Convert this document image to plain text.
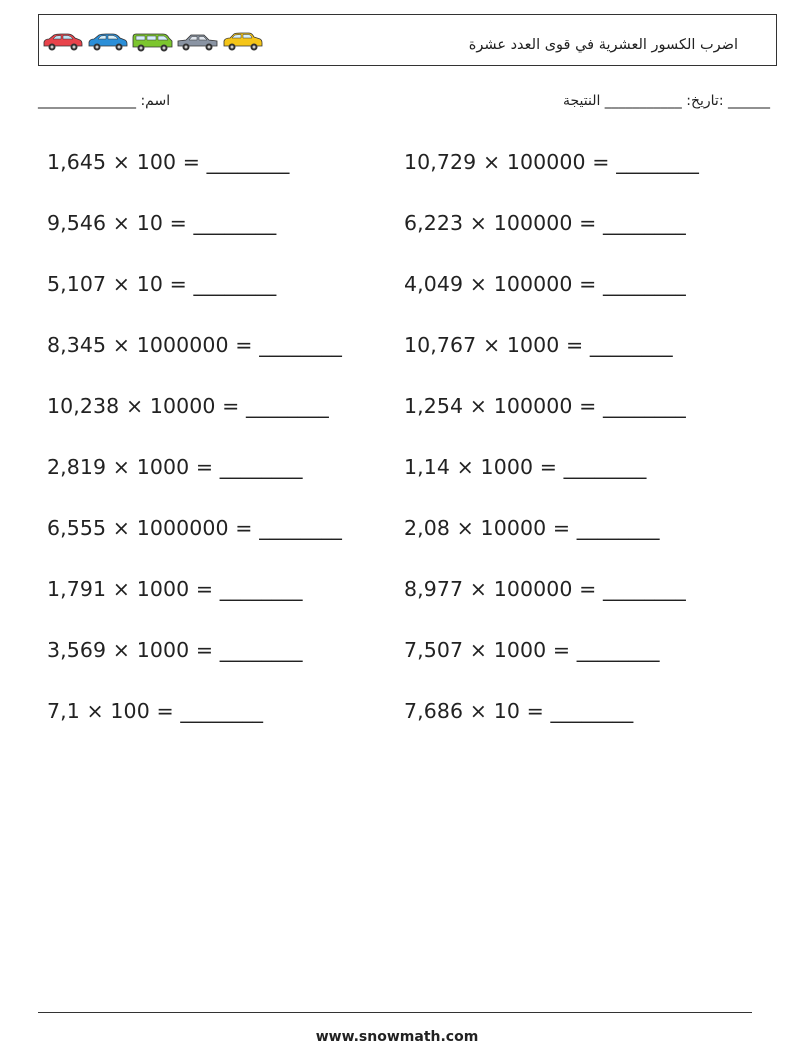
اضرب الكسور العشرية في قوى العدد عشرة
______ :تاريخ: ___________ النتيجة
اسم: ______________
1,645 × 100 = ________
9,546 × 10 = ________
5,107 × 10 = ________
8,345 × 1000000 = ________
10,238 × 10000 = ________
2,819 × 1000 = ________
6,555 × 1000000 = ________
1,791 × 1000 = ________
3,569 × 1000 = ________
7,1 × 100 = ________
10,729 × 100000 = ________
6,223 × 100000 = ________
4,049 × 100000 = ________
10,767 × 1000 = ________
1,254 × 100000 = ________
1,14 × 1000 = ________
2,08 × 10000 = ________
8,977 × 100000 = ________
7,507 × 1000 = ________
7,686 × 10 = ________
www.snowmath.com
